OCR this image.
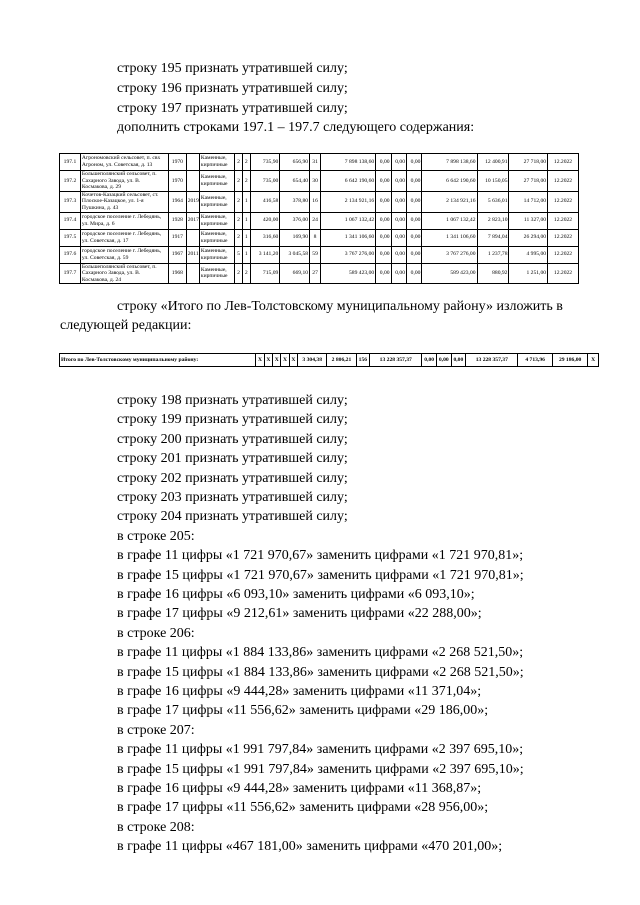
строку 195 признать утратившей силу;
строку 196 признать утратившей силу;
строку 197 признать утратившей силу;
дополнить строками 197.1 – 197.7 следующего содержания:
197.1	Агрономовский сельсовет, п. свх Агроном, ул. Советская, д. 13	1970		Каменные, кирпичные	2	2	735,90	656,90	31	7 898 138,60	0,00	0,00	0,00	7 898 138,60	12 400,91	27 718,00	12.2022
197.2	Большеполянский сельсовет, п. Сахарного Завода, ул. В. Космакова, д. 29	1970		Каменные, кирпичные	2	2	735,00	654,40	30	6 642 190,60	0,00	0,00	0,00	6 642 190,60	10 150,05	27 718,00	12.2022
197.3	Кочетов-Казацкий сельсовет, ст. Плоское-Казацкое, ул. 1-я Пушкина, д. 43	1964	2019	Каменные, кирпичные	2	1	416,58	378,80	16	2 134 921,16	0,00	0,00	0,00	2 134 921,16	5 636,01	14 712,00	12.2022
197.4	городское поселение г. Лебедянь, ул. Мира, д. 6	1928	2017	Каменные, кирпичные	2	1	420,00	376,00	24	1 067 132,42	0,00	0,00	0,00	1 067 132,42	2 823,10	11 327,00	12.2022
197.5	городское поселение г. Лебедянь, ул. Советская, д. 17	1917		Каменные, кирпичные	2	1	316,60	169,90	8	1 341 106,60	0,00	0,00	0,00	1 341 106,60	7 894,04	26 294,00	12.2022
197.6	городское поселение г. Лебедянь, ул. Советская, д. 59	1967	2011	Каменные, кирпичные	5	1	3 141,20	3 045,58	59	3 767 276,00	0,00	0,00	0,00	3 767 276,00	1 237,78	4 995,00	12.2022
197.7	Большеполянский сельсовет, п. Сахарного Завода, ул. В. Космакова, д. 24	1968		Каменные, кирпичные	2	2	715,09	669,10	27	589 423,00	0,00	0,00	0,00	589 423,00	880,92	1 251,00	12.2022
строку «Итого по Лев-Толстовскому муниципальному району» изложить в следующей редакции:
Итого по Лев-Толстовскому муниципальному району:	X	X	X	X	X	3 304,38	2 806,21	156	13 228 357,37	0,00	0,00	0,00	13 228 357,37	4 713,96	29 186,00	X
строку 198 признать утратившей силу;
строку 199 признать утратившей силу;
строку 200 признать утратившей силу;
строку 201 признать утратившей силу;
строку 202 признать утратившей силу;
строку 203 признать утратившей силу;
строку 204 признать утратившей силу;
в строке 205:
в графе 11 цифры «1 721 970,67» заменить цифрами «1 721 970,81»;
в графе 15 цифры «1 721 970,67» заменить цифрами «1 721 970,81»;
в графе 16 цифры «6 093,10» заменить цифрами «6 093,10»;
в графе 17 цифры «9 212,61» заменить цифрами «22 288,00»;
в строке 206:
в графе 11 цифры «1 884 133,86» заменить цифрами «2 268 521,50»;
в графе 15 цифры «1 884 133,86» заменить цифрами «2 268 521,50»;
в графе 16 цифры «9 444,28» заменить цифрами «11 371,04»;
в графе 17 цифры «11 556,62» заменить цифрами «29 186,00»;
в строке 207:
в графе 11 цифры «1 991 797,84» заменить цифрами «2 397 695,10»;
в графе 15 цифры «1 991 797,84» заменить цифрами «2 397 695,10»;
в графе 16 цифры «9 444,28» заменить цифрами «11 368,87»;
в графе 17 цифры «11 556,62» заменить цифрами «28 956,00»;
в строке 208:
в графе 11 цифры «467 181,00» заменить цифрами «470 201,00»;
